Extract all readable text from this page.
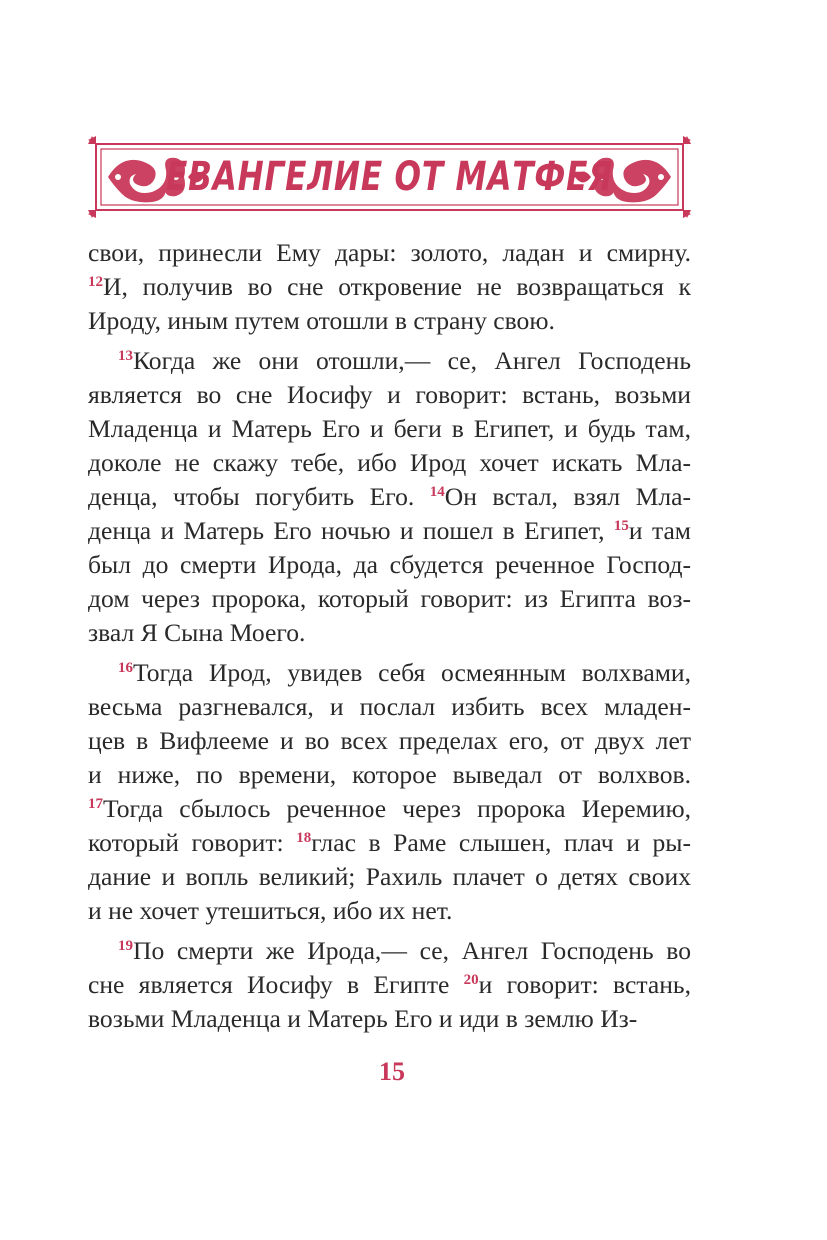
ЕВАНГЕЛИЕ ОТ МАТФЕЯ
свои, принесли Ему дары: золото, ладан и смирну.
$^{12}$И, получив во сне откровение не возвращаться к
Ироду, иным путем отошли в страну свою.
$^{13}$Когда же они отошли,— се, Ангел Господень
является во сне Иосифу и говорит: встань, возьми
Младенца и Матерь Его и беги в Египет, и будь там,
доколе не скажу тебе, ибо Ирод хочет искать Мла-
денца, чтобы погубить Его. $^{14}$Он встал, взял Мла-
денца и Матерь Его ночью и пошел в Египет, $^{15}$и там
был до смерти Ирода, да сбудется реченное Господ-
дом через пророка, который говорит: из Египта воз-
звал Я Сына Моего.
$^{16}$Тогда Ирод, увидев себя осмеянным волхвами,
весьма разгневался, и послал избить всех младен-
цев в Вифлееме и во всех пределах его, от двух лет
и ниже, по времени, которое выведал от волхвов.
$^{17}$Тогда сбылось реченное через пророка Иеремию,
который говорит: $^{18}$глас в Раме слышен, плач и ры-
дание и вопль великий; Рахиль плачет о детях своих
и не хочет утешиться, ибо их нет.
$^{19}$По смерти же Ирода,— се, Ангел Господень во
сне является Иосифу в Египте $^{20}$и говорит: встань,
возьми Младенца и Матерь Его и иди в землю Из-
15
